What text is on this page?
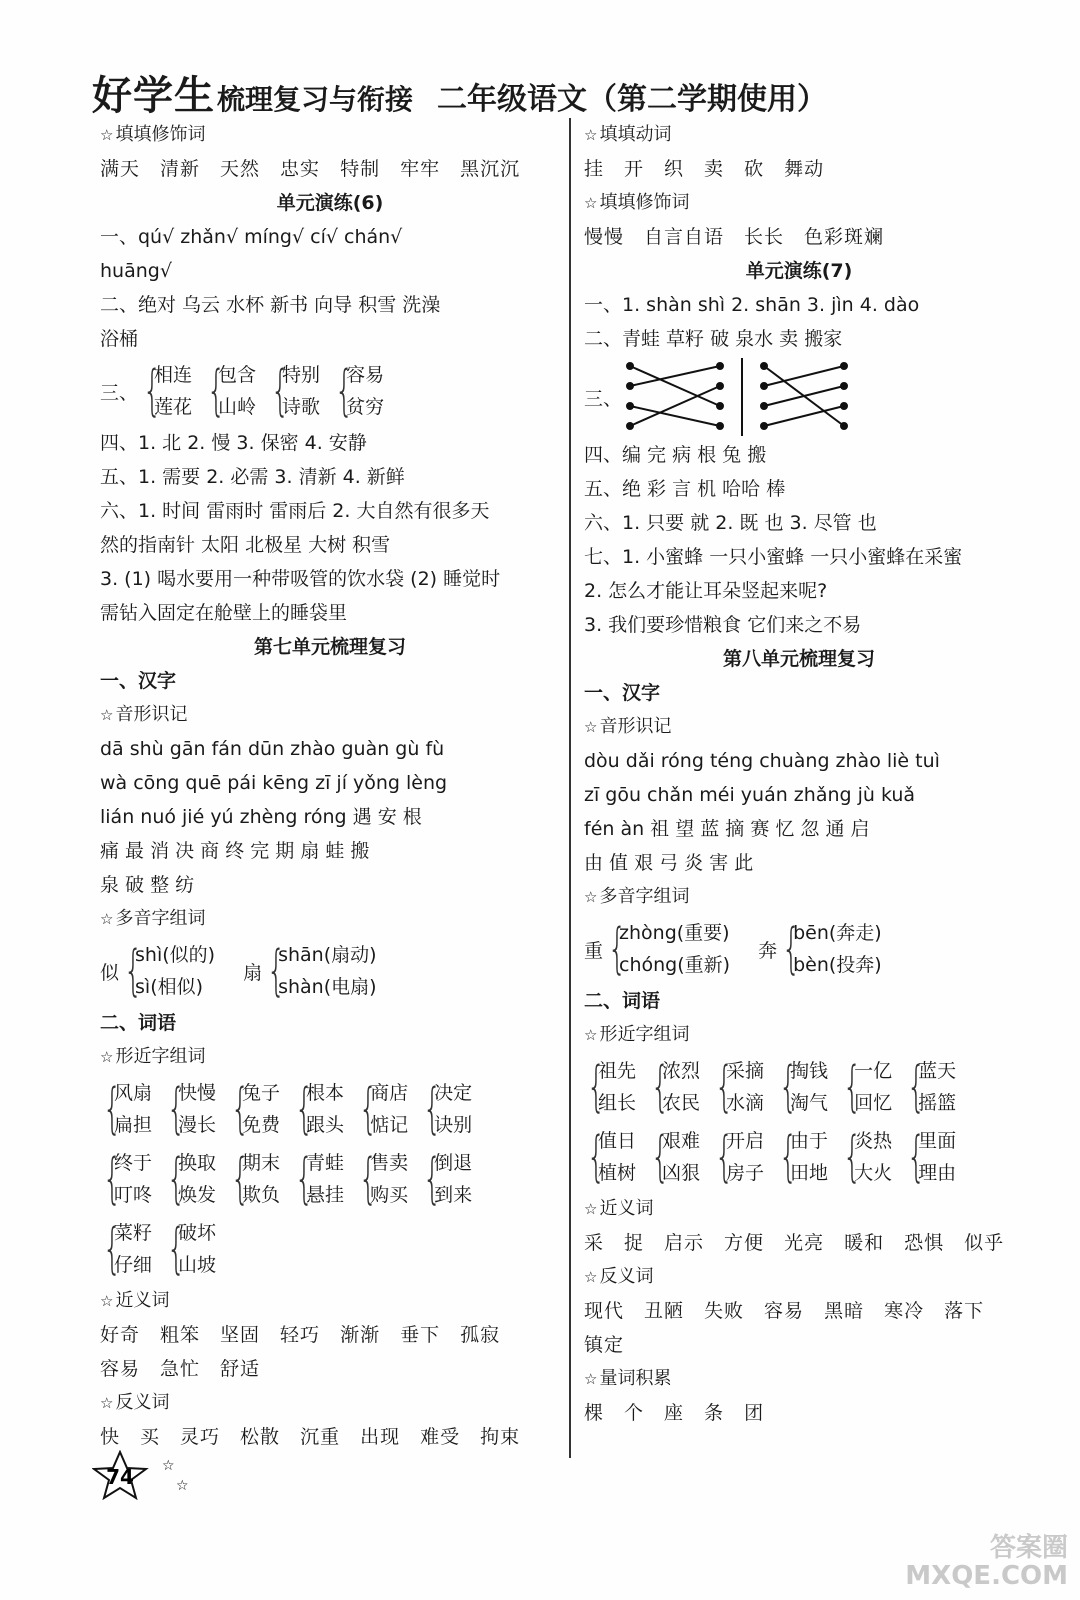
好学生梳理复习与衔接 二年级语文（第二学期使用）
☆ 填填修饰词
满天 清新 天然 忠实 特制 牢牢 黑沉沉
单元演练(6)
一、qú√ zhǎn√ míng√ cí√ chán√
huāng√
二、绝对 乌云 水杯 新书 向导 积雪 洗澡
浴桶
三、 {
相连
莲花 {
包含
山岭 {
特别
诗歌 {
容易
贫穷
四、1. 北 2. 慢 3. 保密 4. 安静
五、1. 需要 2. 必需 3. 清新 4. 新鲜
六、1. 时间 雷雨时 雷雨后 2. 大自然有很多天
然的指南针 太阳 北极星 大树 积雪
3. (1) 喝水要用一种带吸管的饮水袋 (2) 睡觉时
需钻入固定在舱壁上的睡袋里
第七单元梳理复习
一、汉字
☆ 音形识记
dā shù gān fán dūn zhào guàn gù fù
wà cōng quē pái kēng zī jí yǒng lèng
lián nuó jié yú zhèng róng 遇 安 根
痛 最 消 决 商 终 完 期 扇 蛙 搬
泉 破 整 纺
☆ 多音字组词
似 {
shì(似的)
sì(相似)
扇 {
shān(扇动)
shàn(电扇)
二、词语
☆ 形近字组词
{
风扇
扁担 {
快慢
漫长 {
兔子
免费 {
根本
跟头 {
商店
惦记 {
决定
诀别
{
终于
叮咚 {
换取
焕发 {
期末
欺负 {
青蛙
悬挂 {
售卖
购买 {
倒退
到来
{
菜籽
仔细 {
破坏
山坡
☆ 近义词
好奇 粗笨 坚固 轻巧 渐渐 垂下 孤寂
容易 急忙 舒适
☆ 反义词
快 买 灵巧 松散 沉重 出现 难受 拘束
☆ 填填动词
挂 开 织 卖 砍 舞动
☆ 填填修饰词
慢慢 自言自语 长长 色彩斑斓
单元演练(7)
一、1. shàn shì 2. shān 3. jìn 4. dào
二、青蛙 草籽 破 泉水 卖 搬家
三、
四、编 完 病 根 兔 搬
五、绝 彩 言 机 哈哈 棒
六、1. 只要 就 2. 既 也 3. 尽管 也
七、1. 小蜜蜂 一只小蜜蜂 一只小蜜蜂在采蜜
2. 怎么才能让耳朵竖起来呢?
3. 我们要珍惜粮食 它们来之不易
第八单元梳理复习
一、汉字
☆ 音形识记
dòu dǎi róng téng chuàng zhào liè tuì
zī gōu chǎn méi yuán zhǎng jù kuǎ
fén àn 祖 望 蓝 摘 赛 忆 忽 通 启
由 值 艰 弓 炎 害 此
☆ 多音字组词
重 {
zhòng(重要)
chóng(重新)
奔 {
bēn(奔走)
bèn(投奔)
二、词语
☆ 形近字组词
{
祖先
组长 {
浓烈
农民 {
采摘
水滴 {
掏钱
淘气 {
一亿
回忆 {
蓝天
摇篮
{
值日
植树 {
艰难
凶狠 {
开启
房子 {
由于
田地 {
炎热
大火 {
里面
理由
☆ 近义词
采 捉 启示 方便 光亮 暖和 恐惧 似乎
☆ 反义词
现代 丑陋 失败 容易 黑暗 寒冷 落下
镇定
☆ 量词积累
棵 个 座 条 团
74 ☆
☆
答案圈
MXQE.COM
